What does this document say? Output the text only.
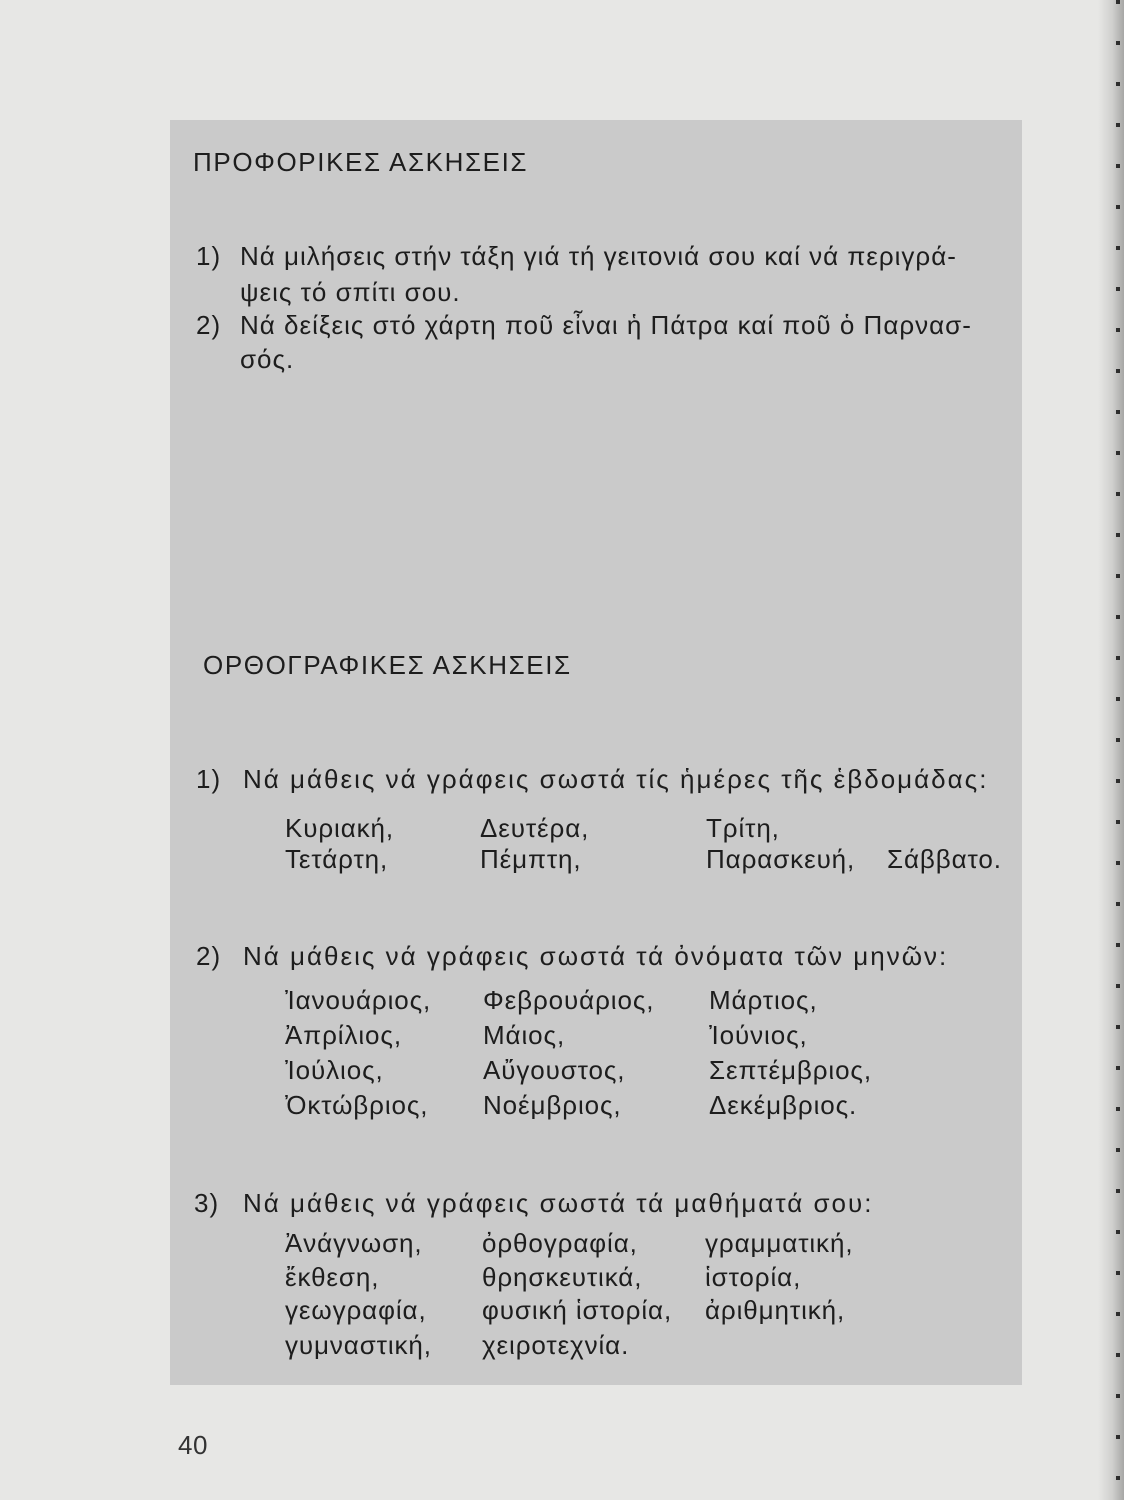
ΠΡΟΦΟΡΙΚΕΣ ΑΣΚΗΣΕΙΣ
1) Νά μιλήσεις στήν τάξη γιά τή γειτονιά σου καί νά περιγρά-
ψεις τό σπίτι σου.
2) Νά δείξεις στό χάρτη ποῦ εἶναι ἡ Πάτρα καί ποῦ ὁ Παρνασ-
σός.
ΟΡΘΟΓΡΑΦΙΚΕΣ ΑΣΚΗΣΕΙΣ
1) Νά μάθεις νά γράφεις σωστά τίς ἡμέρες τῆς ἑβδομάδας:
Κυριακή,	Δευτέρα,	Τρίτη,
Τετάρτη,	Πέμπτη,	Παρασκευή, Σάββατο.
2) Νά μάθεις νά γράφεις σωστά τά ὀνόματα τῶν μηνῶν:
Ἰανουάριος, Φεβρουάριος, Μάρτιος,
Ἀπρίλιος,	Μάιος,	Ἰούνιος,
Ἰούλιος,	Αὔγουστος,	Σεπτέμβριος,
Ὀκτώβριος, Νοέμβριος,	Δεκέμβριος.
3) Νά μάθεις νά γράφεις σωστά τά μαθήματά σου:
Ἀνάγνωση, ὀρθογραφία,	γραμματική,
ἔκθεση,	θρησκευτικά, ἱστορία,
γεωγραφία, φυσική ἱστορία, ἀριθμητική,
γυμναστική, χειροτεχνία.
40
